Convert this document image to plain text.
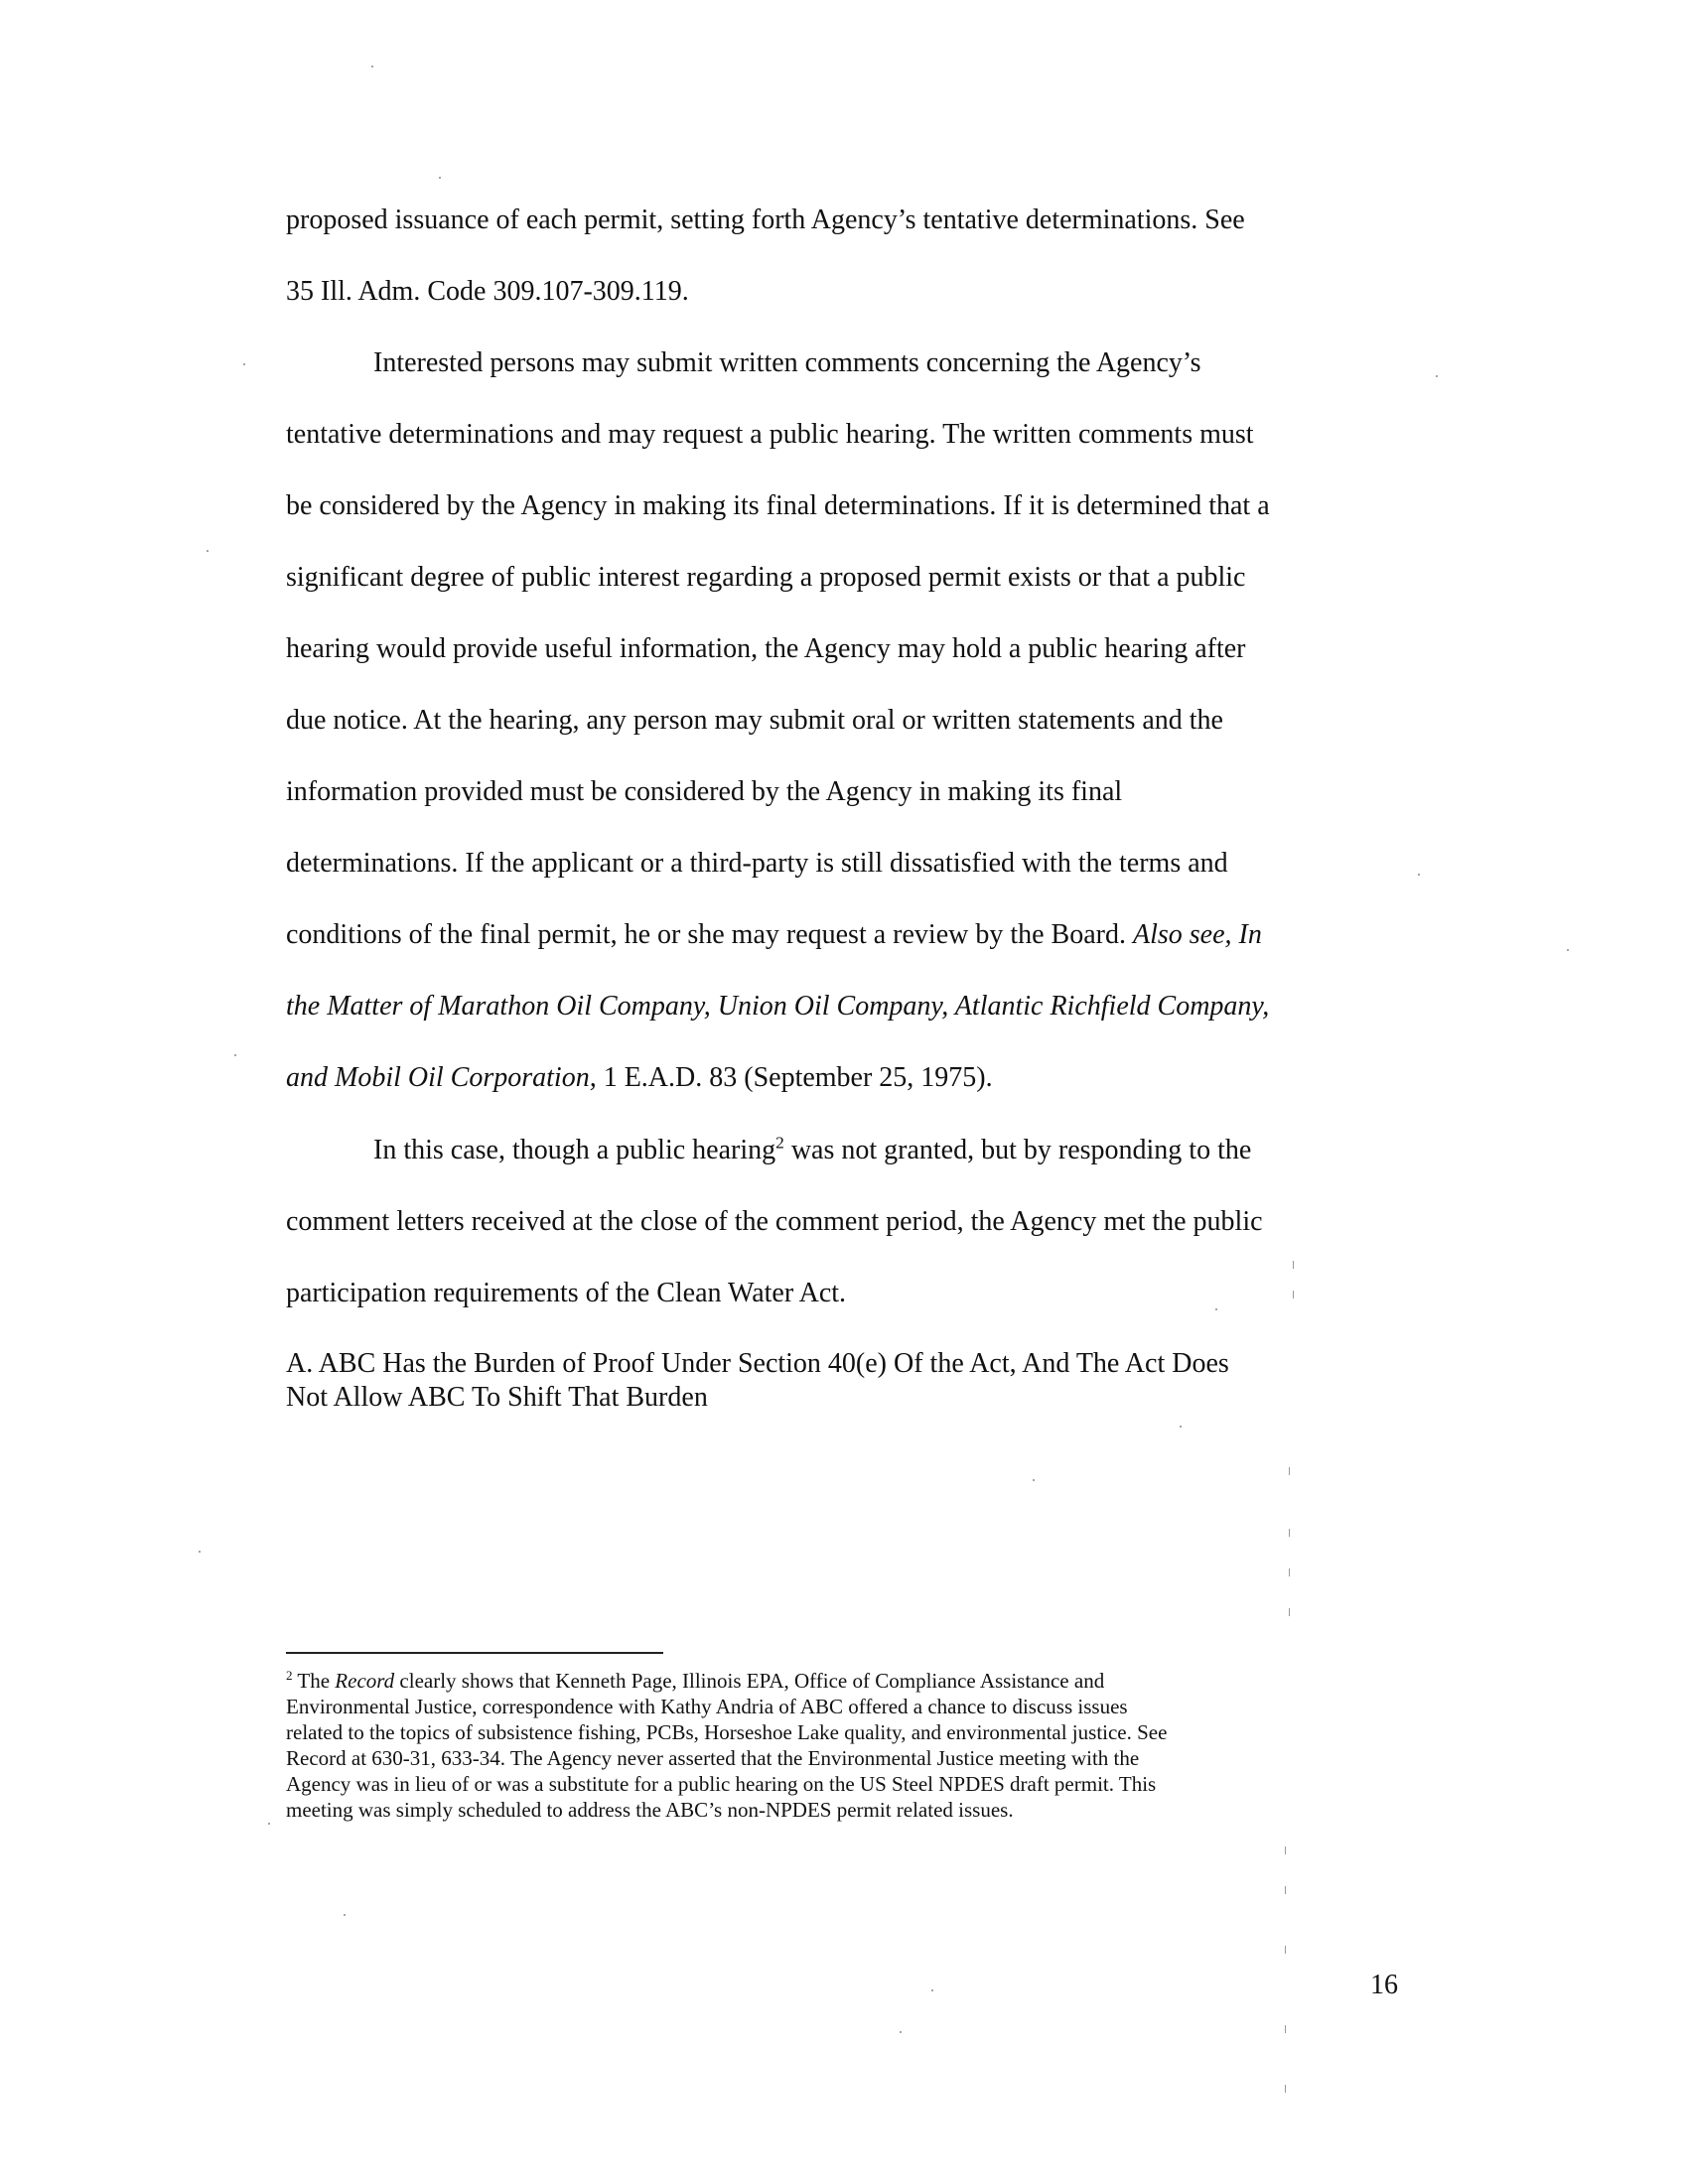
proposed issuance of each permit, setting forth Agency’s tentative determinations. See
35 Ill. Adm. Code 309.107-309.119.
Interested persons may submit written comments concerning the Agency’s
tentative determinations and may request a public hearing. The written comments must
be considered by the Agency in making its final determinations. If it is determined that a
significant degree of public interest regarding a proposed permit exists or that a public
hearing would provide useful information, the Agency may hold a public hearing after
due notice. At the hearing, any person may submit oral or written statements and the
information provided must be considered by the Agency in making its final
determinations. If the applicant or a third-party is still dissatisfied with the terms and
conditions of the final permit, he or she may request a review by the Board. Also see, In
the Matter of Marathon Oil Company, Union Oil Company, Atlantic Richfield Company,
and Mobil Oil Corporation, 1 E.A.D. 83 (September 25, 1975).
In this case, though a public hearing$^2$ was not granted, but by responding to the
comment letters received at the close of the comment period, the Agency met the public
participation requirements of the Clean Water Act.
A. ABC Has the Burden of Proof Under Section 40(e) Of the Act, And The Act Does
Not Allow ABC To Shift That Burden
$^2$ The Record clearly shows that Kenneth Page, Illinois EPA, Office of Compliance Assistance and
Environmental Justice, correspondence with Kathy Andria of ABC offered a chance to discuss issues
related to the topics of subsistence fishing, PCBs, Horseshoe Lake quality, and environmental justice. See
Record at 630-31, 633-34. The Agency never asserted that the Environmental Justice meeting with the
Agency was in lieu of or was a substitute for a public hearing on the US Steel NPDES draft permit. This
meeting was simply scheduled to address the ABC’s non-NPDES permit related issues.
16
